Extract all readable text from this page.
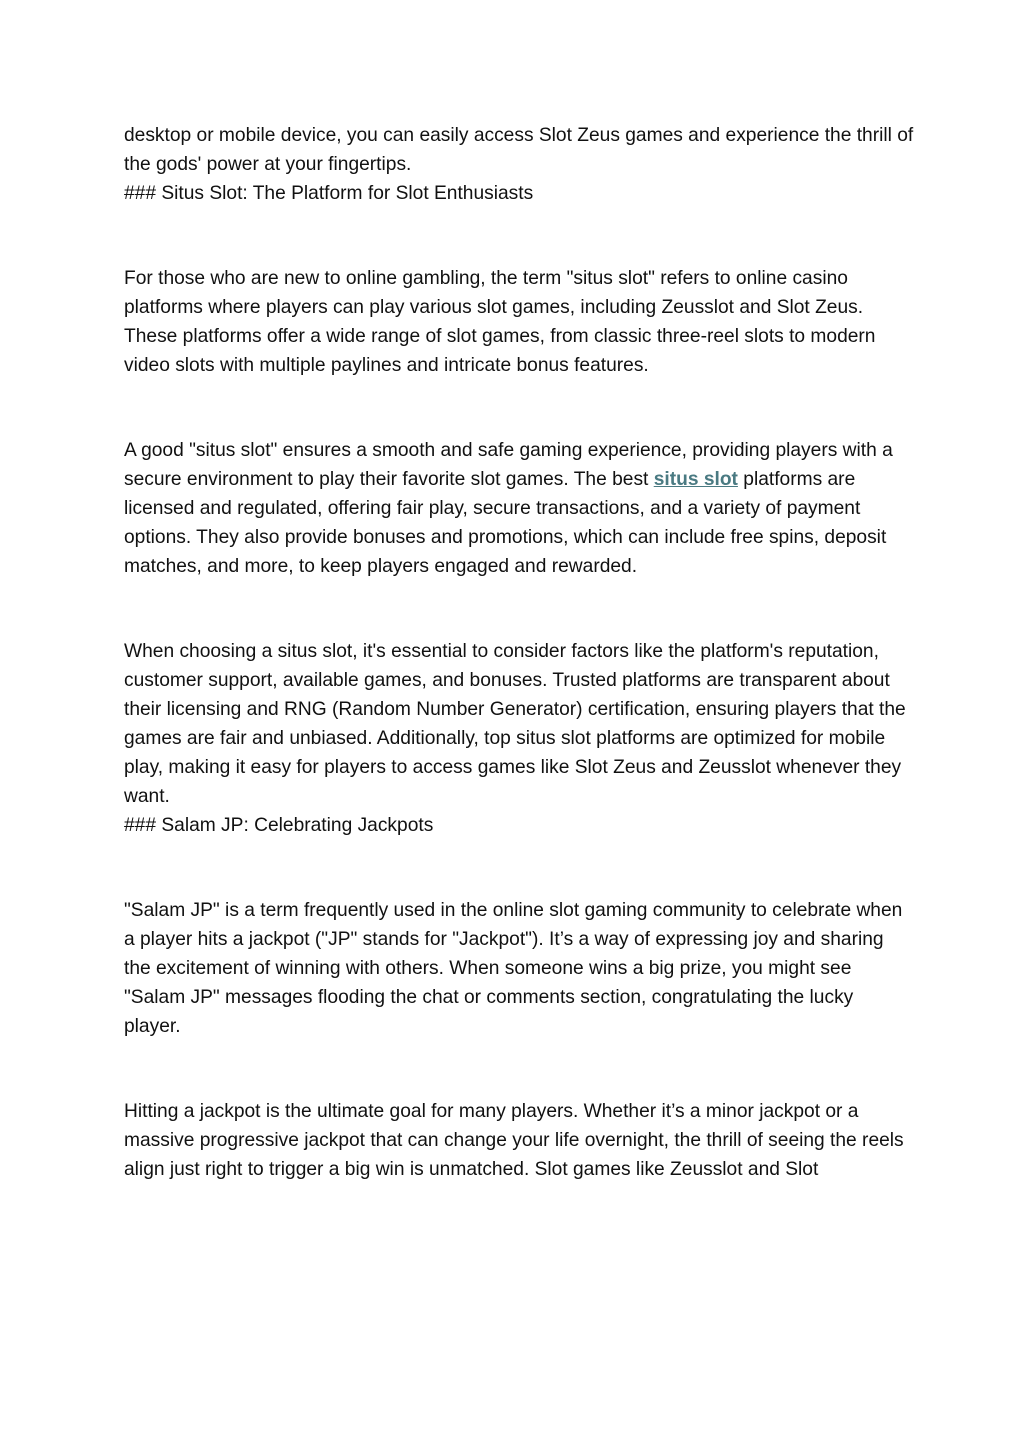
desktop or mobile device, you can easily access Slot Zeus games and experience the thrill of the gods' power at your fingertips.

### Situs Slot: The Platform for Slot Enthusiasts

For those who are new to online gambling, the term "situs slot" refers to online casino platforms where players can play various slot games, including Zeusslot and Slot Zeus. These platforms offer a wide range of slot games, from classic three-reel slots to modern video slots with multiple paylines and intricate bonus features.

A good "situs slot" ensures a smooth and safe gaming experience, providing players with a secure environment to play their favorite slot games. The best situs slot platforms are licensed and regulated, offering fair play, secure transactions, and a variety of payment options. They also provide bonuses and promotions, which can include free spins, deposit matches, and more, to keep players engaged and rewarded.

When choosing a situs slot, it's essential to consider factors like the platform's reputation, customer support, available games, and bonuses. Trusted platforms are transparent about their licensing and RNG (Random Number Generator) certification, ensuring players that the games are fair and unbiased. Additionally, top situs slot platforms are optimized for mobile play, making it easy for players to access games like Slot Zeus and Zeusslot whenever they want.

### Salam JP: Celebrating Jackpots

"Salam JP" is a term frequently used in the online slot gaming community to celebrate when a player hits a jackpot ("JP" stands for "Jackpot"). It’s a way of expressing joy and sharing the excitement of winning with others. When someone wins a big prize, you might see "Salam JP" messages flooding the chat or comments section, congratulating the lucky player.

Hitting a jackpot is the ultimate goal for many players. Whether it’s a minor jackpot or a massive progressive jackpot that can change your life overnight, the thrill of seeing the reels align just right to trigger a big win is unmatched. Slot games like Zeusslot and Slot
